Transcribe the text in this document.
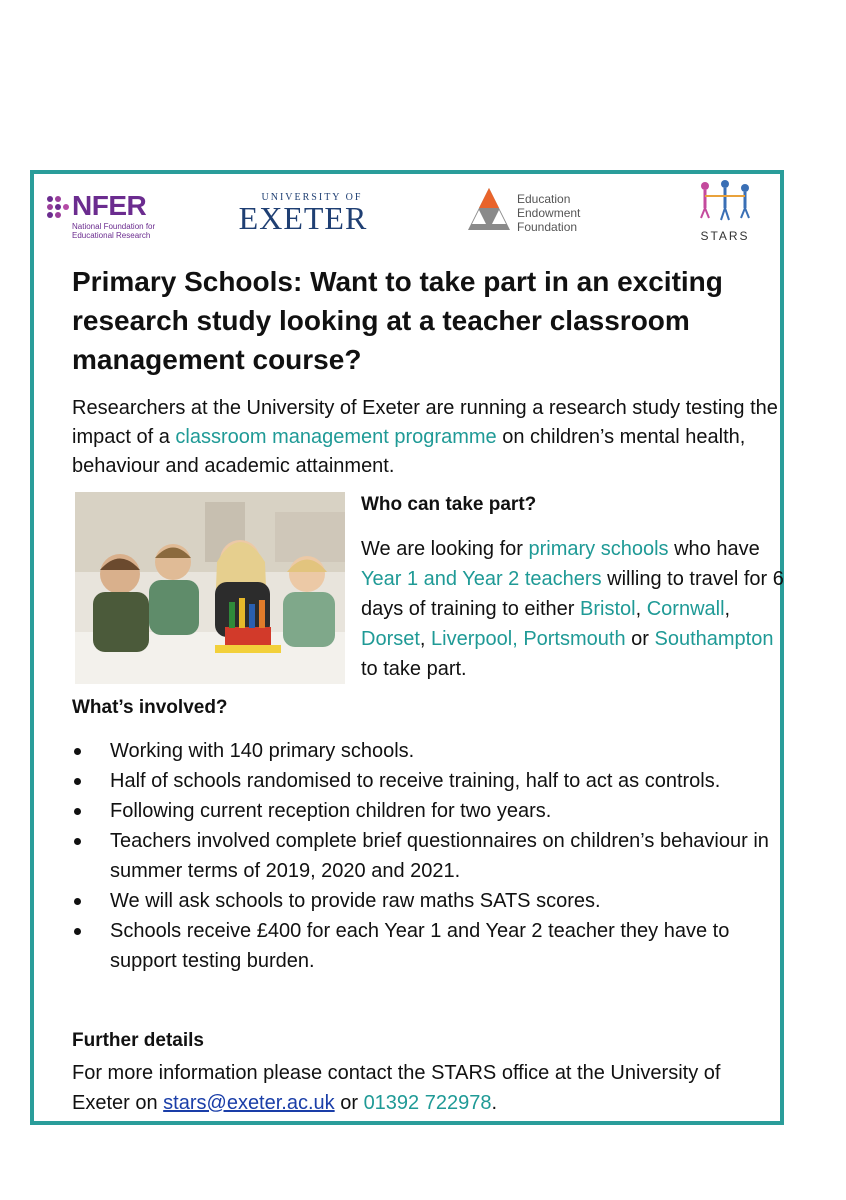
NFER
National Foundation for
Educational Research
UNIVERSITY OF
EXETER
Education
Endowment
Foundation
STARS
Primary Schools: Want to take part in an exciting research study looking at a teacher classroom management course?

Researchers at the University of Exeter are running a research study testing the impact of a classroom management programme on children’s mental health, behaviour and academic attainment.

Who can take part?

We are looking for primary schools who have Year 1 and Year 2 teachers willing to travel for 6 days of training to either Bristol, Cornwall, Dorset, Liverpool, Portsmouth or Southampton to take part.

What’s involved?

Working with 140 primary schools.
Half of schools randomised to receive training, half to act as controls.
Following current reception children for two years.
Teachers involved complete brief questionnaires on children’s behaviour in summer terms of 2019, 2020 and 2021.
We will ask schools to provide raw maths SATS scores.
Schools receive £400 for each Year 1 and Year 2 teacher they have to support testing burden.

Further details

For more information please contact the STARS office at the University of Exeter on stars@exeter.ac.uk or 01392 722978.
